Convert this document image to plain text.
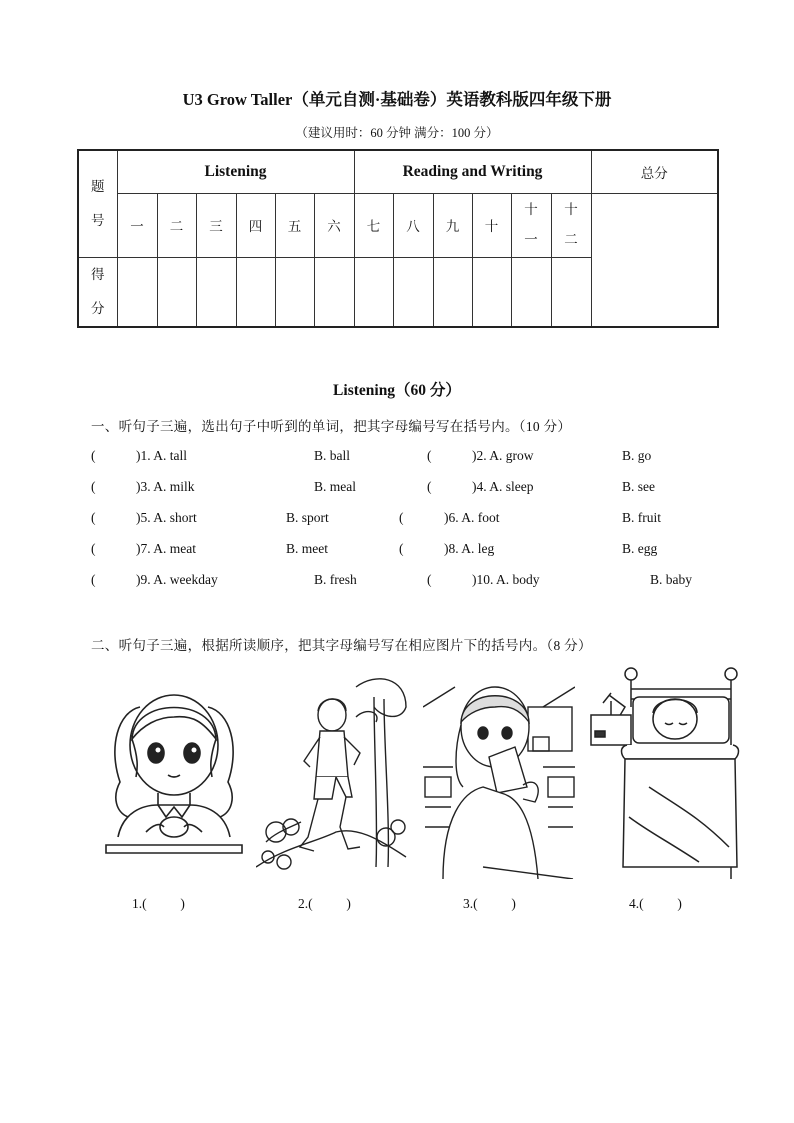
U3 Grow Taller（单元自测·基础卷）英语教科版四年级下册
（建议用时：60 分钟 满分：100 分）
题
号	Listening						Reading and Writing						总分
	一	二	三	四	五	六	七	八	九	十	十一	十二	

得
分													

Listening（60 分）
一、听句子三遍，选出句子中听到的单词，把其字母编号写在括号内。（10 分）
(            )1. A. tall	B. ball	(            )2. A. grow	B. go
(            )3. A. milk	B. meal	(            )4. A. sleep	B. see
(            )5. A. short	B. sport	(            )6. A. foot	B. fruit
(            )7. A. meat	B. meet	(            )8. A. leg	B. egg
(            )9. A. weekday	B. fresh	(            )10. A. body	B. baby
二、听句子三遍，根据所读顺序，把其字母编号写在相应图片下的括号内。（8 分）
1.(          )	2.(          )	3.(          )	4.(          )
